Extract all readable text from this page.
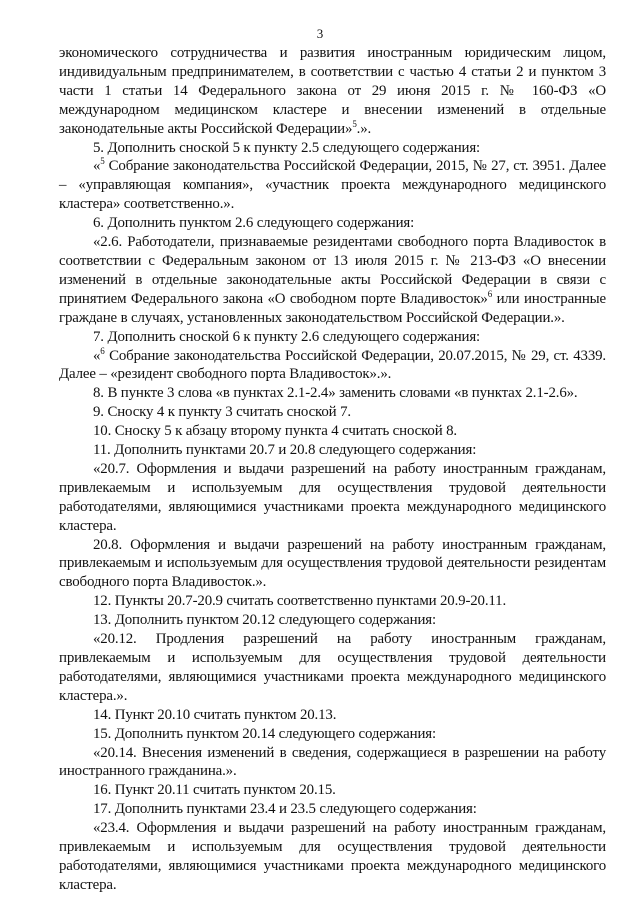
3

экономического сотрудничества и развития иностранным юридическим лицом, индивидуальным предпринимателем, в соответствии с частью 4 статьи 2 и пунктом 3 части 1 статьи 14 Федерального закона от 29 июня 2015 г. № 160-ФЗ «О международном медицинском кластере и внесении изменений в отдельные законодательные акты Российской Федерации»$^5$.».

5. Дополнить сноской 5 к пункту 2.5 следующего содержания:

«$^5$ Собрание законодательства Российской Федерации, 2015, № 27, ст. 3951. Далее – «управляющая компания», «участник проекта международного медицинского кластера» соответственно.».

6. Дополнить пунктом 2.6 следующего содержания:

«2.6. Работодатели, признаваемые резидентами свободного порта Владивосток в соответствии с Федеральным законом от 13 июля 2015 г. № 213-ФЗ «О внесении изменений в отдельные законодательные акты Российской Федерации в связи с принятием Федерального закона «О свободном порте Владивосток»$^6$ или иностранные граждане в случаях, установленных законодательством Российской Федерации.».

7. Дополнить сноской 6 к пункту 2.6 следующего содержания:

«$^6$ Собрание законодательства Российской Федерации, 20.07.2015, № 29, ст. 4339. Далее – «резидент свободного порта Владивосток».».

8. В пункте 3 слова «в пунктах 2.1-2.4» заменить словами «в пунктах 2.1-2.6».

9. Сноску 4 к пункту 3 считать сноской 7.

10. Сноску 5 к абзацу второму пункта 4 считать сноской 8.

11. Дополнить пунктами 20.7 и 20.8 следующего содержания:

«20.7. Оформления и выдачи разрешений на работу иностранным гражданам, привлекаемым и используемым для осуществления трудовой деятельности работодателями, являющимися участниками проекта международного медицинского кластера.

20.8. Оформления и выдачи разрешений на работу иностранным гражданам, привлекаемым и используемым для осуществления трудовой деятельности резидентам свободного порта Владивосток.».

12. Пункты 20.7-20.9 считать соответственно пунктами 20.9-20.11.

13. Дополнить пунктом 20.12 следующего содержания:

«20.12. Продления разрешений на работу иностранным гражданам, привлекаемым и используемым для осуществления трудовой деятельности работодателями, являющимися участниками проекта международного медицинского кластера.».

14. Пункт 20.10 считать пунктом 20.13.

15. Дополнить пунктом 20.14 следующего содержания:

«20.14. Внесения изменений в сведения, содержащиеся в разрешении на работу иностранного гражданина.».

16. Пункт 20.11 считать пунктом 20.15.

17. Дополнить пунктами 23.4 и 23.5 следующего содержания:

«23.4. Оформления и выдачи разрешений на работу иностранным гражданам, привлекаемым и используемым для осуществления трудовой деятельности работодателями, являющимися участниками проекта международного медицинского кластера.
